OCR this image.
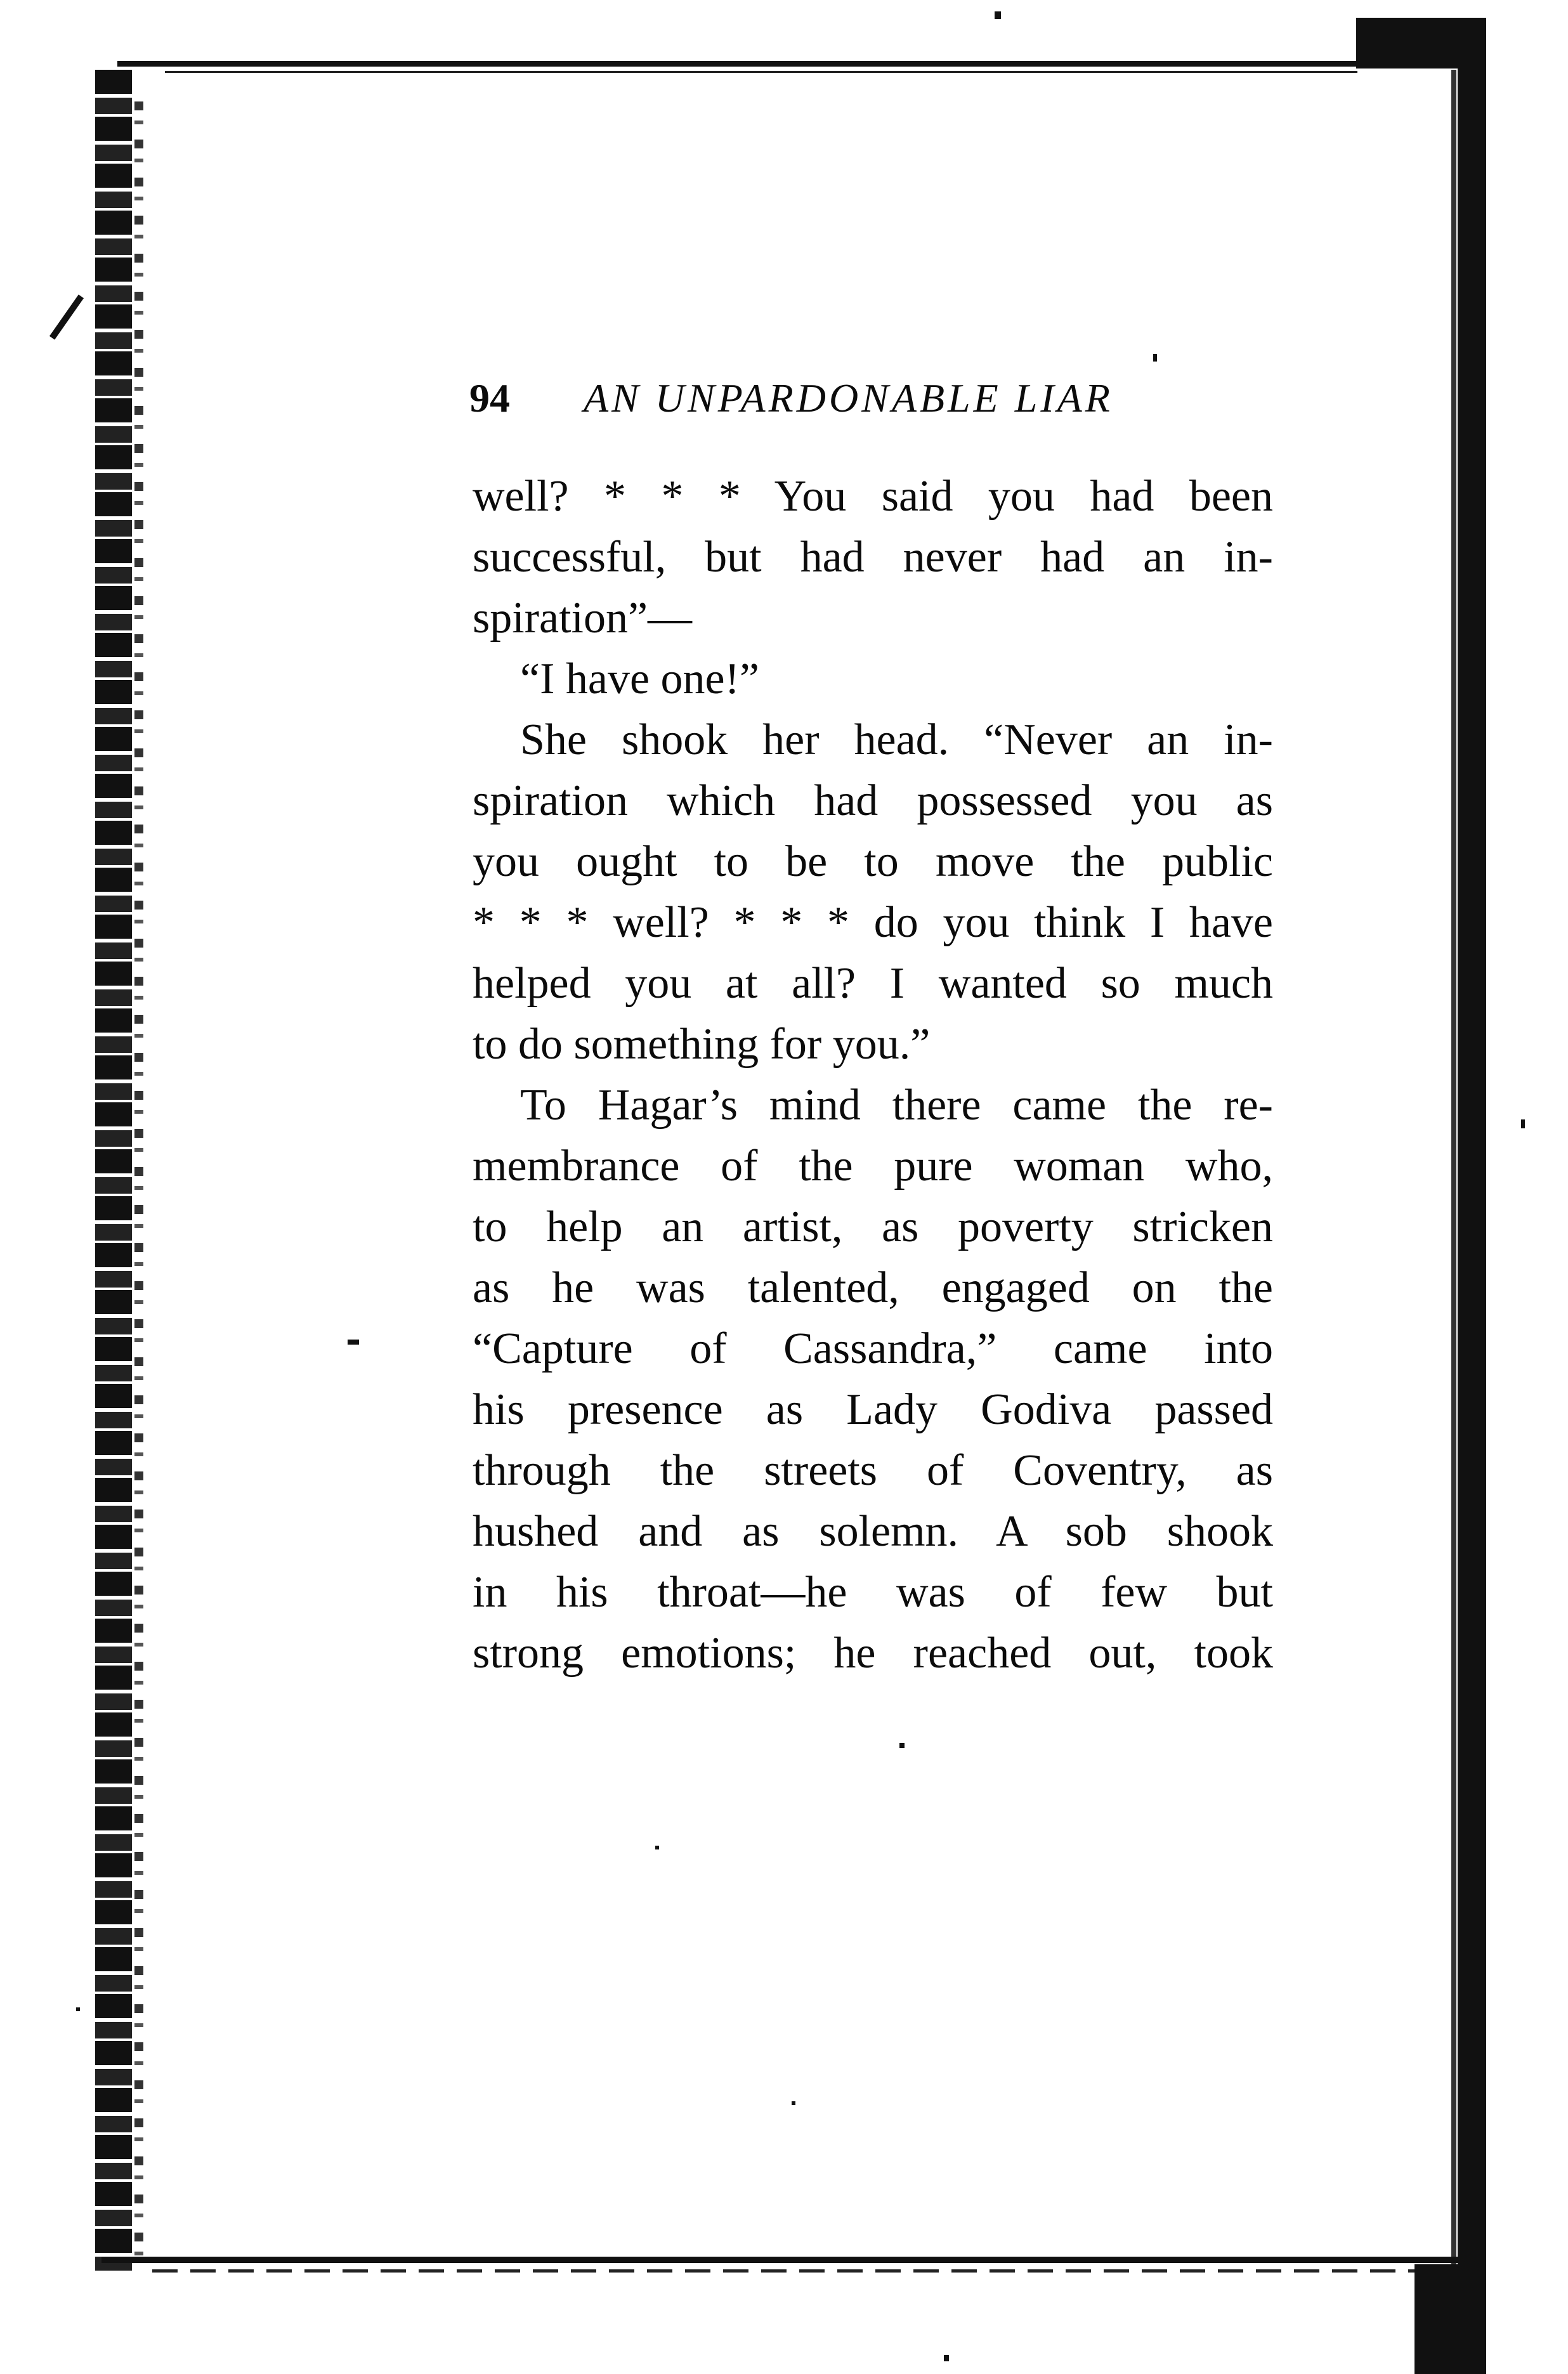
94 AN UNPARDONABLE LIAR
well? * * * You said you had been
successful, but had never had an in-
spiration”—
“I have one!”
She shook her head. “Never an in-
spiration which had possessed you as
you ought to be to move the public
* * * well? * * * do you think I have
helped you at all? I wanted so much
to do something for you.”
To Hagar’s mind there came the re-
membrance of the pure woman who,
to help an artist, as poverty stricken
as he was talented, engaged on the
“Capture of Cassandra,” came into
his presence as Lady Godiva passed
through the streets of Coventry, as
hushed and as solemn. A sob shook
in his throat—he was of few but
strong emotions; he reached out, took
